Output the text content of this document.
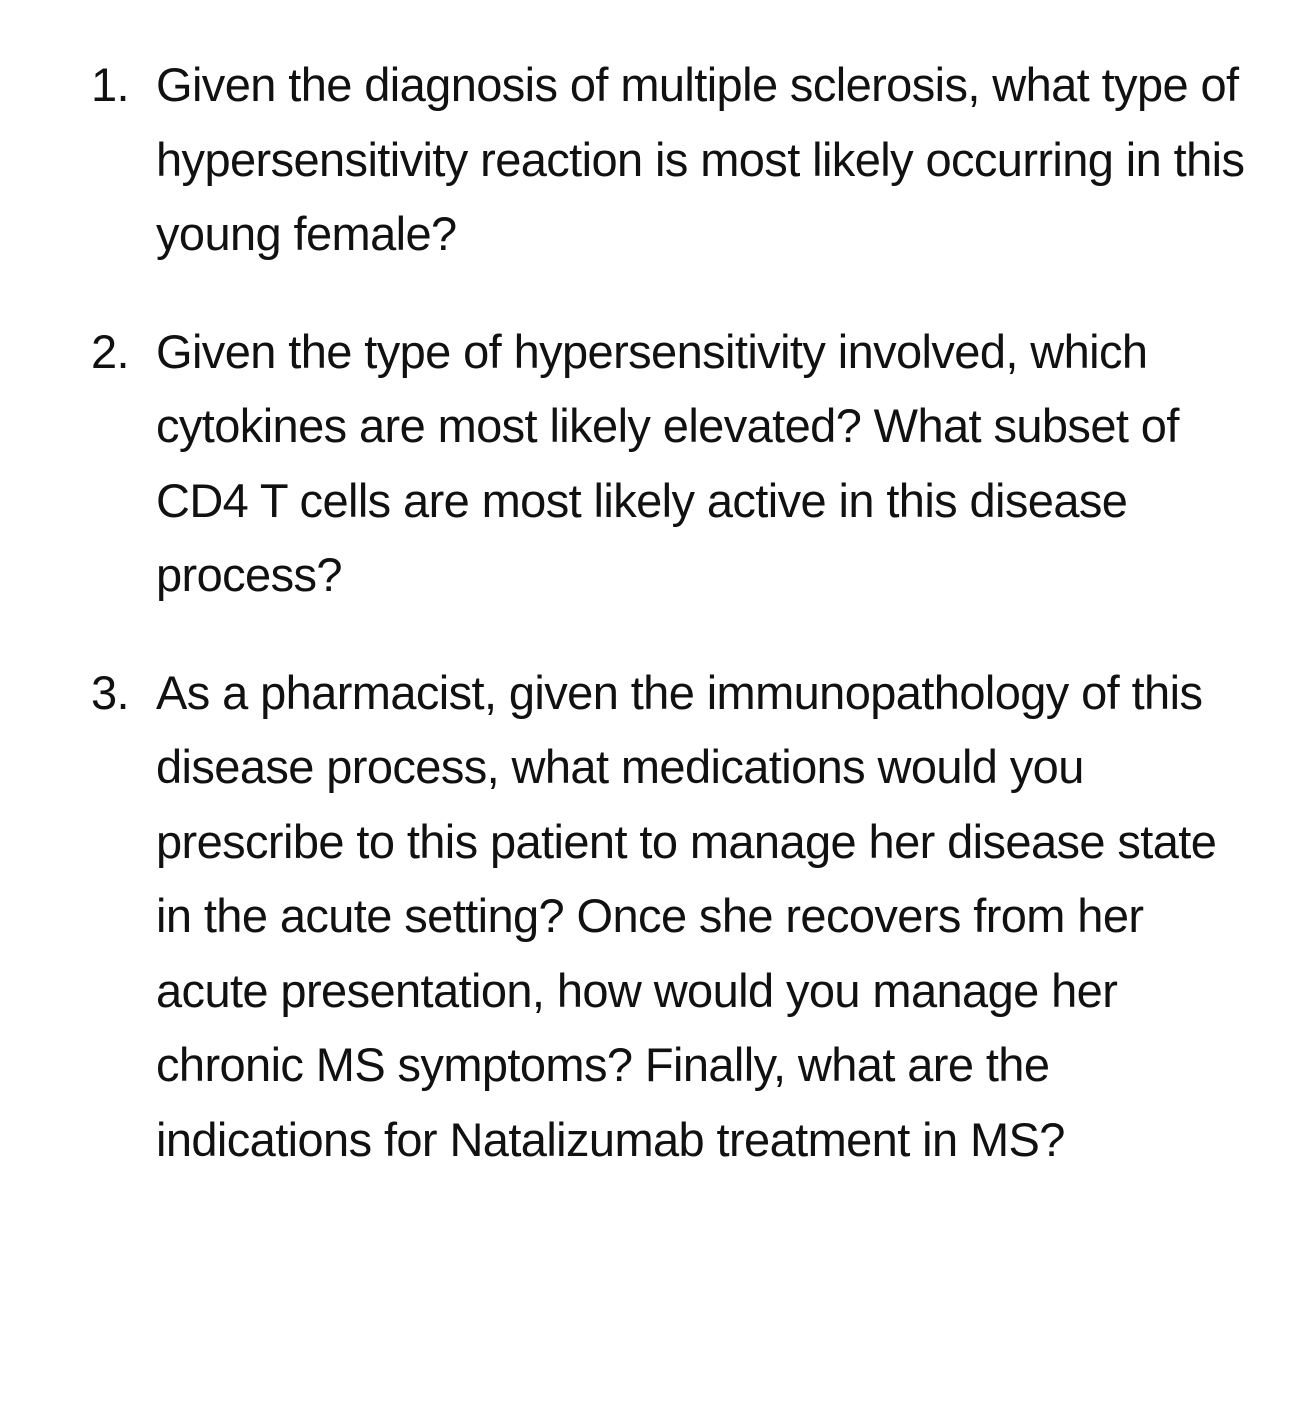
1. Given the diagnosis of multiple sclerosis, what type of hypersensitivity reaction is most likely occurring in this young female?
2. Given the type of hypersensitivity involved, which cytokines are most likely elevated? What subset of CD4 T cells are most likely active in this disease process?
3. As a pharmacist, given the immunopathology of this disease process, what medications would you prescribe to this patient to manage her disease state in the acute setting? Once she recovers from her acute presentation, how would you manage her chronic MS symptoms? Finally, what are the indications for Natalizumab treatment in MS?
